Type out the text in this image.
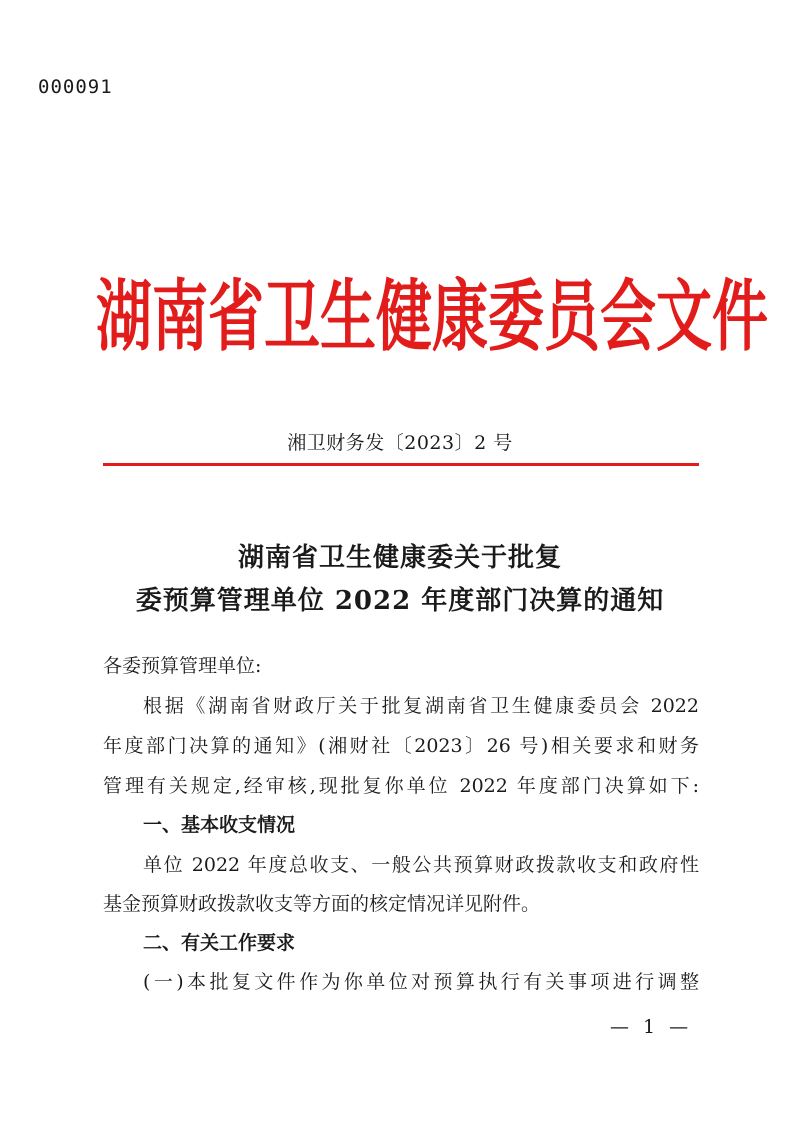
000091
湖 南 省 卫 生 健 康 委 员 会 文 件
湘卫财务发〔2023〕2 号
湖南省卫生健康委关于批复
委预算管理单位 2022 年度部门决算的通知
各委预算管理单位:
根据《湖南省财政厅关于批复湖南省卫生健康委员会 2022
年度部门决算的通知》(湘财社〔2023〕26 号)相关要求和财务
管理有关规定,经审核,现批复你单位 2022 年度部门决算如下:
一、基本收支情况
单位 2022 年度总收支、一般公共预算财政拨款收支和政府性
基金预算财政拨款收支等方面的核定情况详见附件。
二、有关工作要求
(一)本批复文件作为你单位对预算执行有关事项进行调整
— 1 —
